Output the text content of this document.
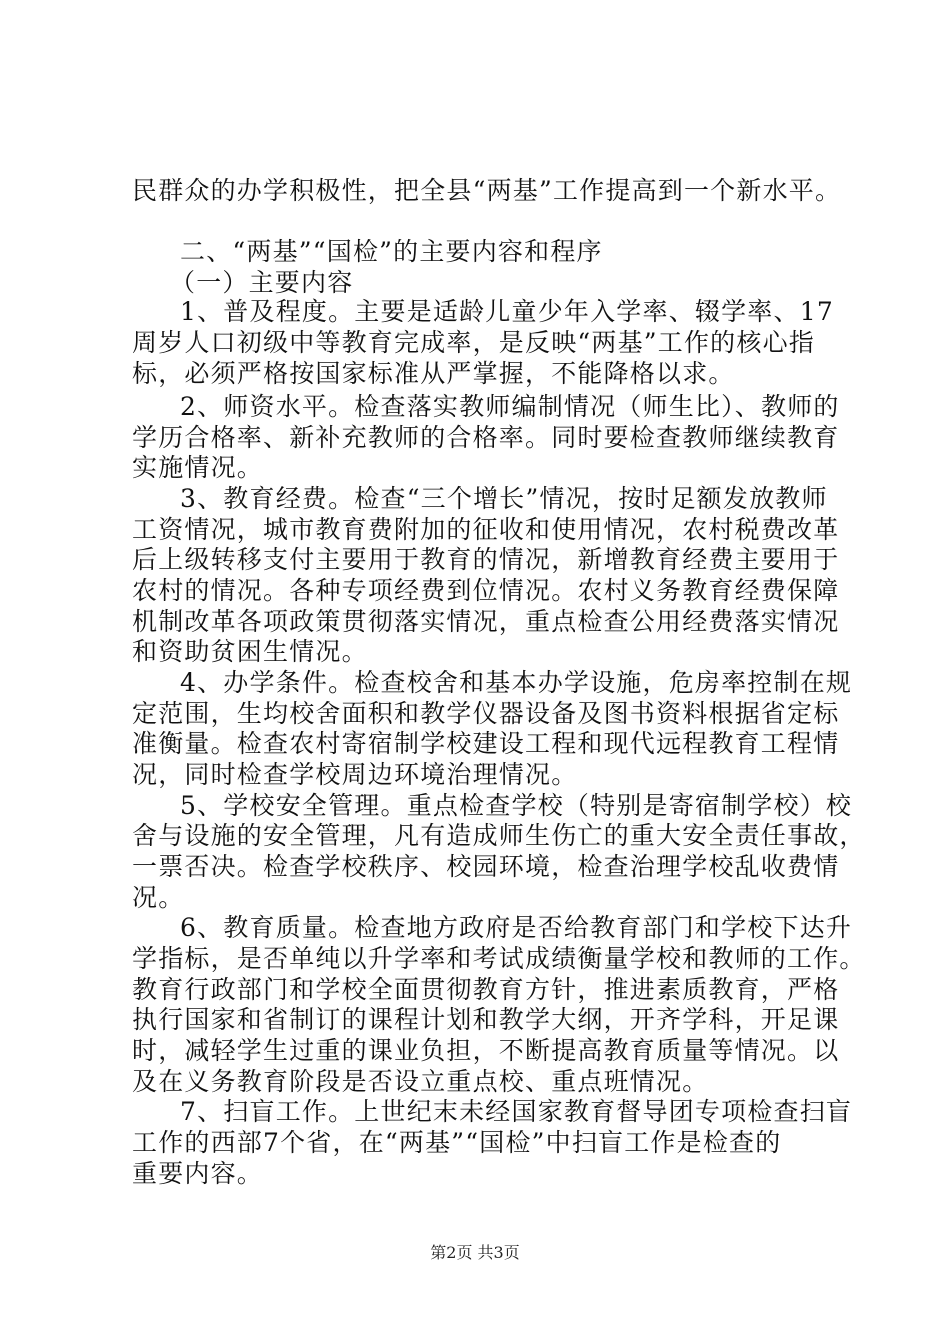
民群众的办学积极性，把全县“两基”工作提高到一个新水平。
二、“两基”“国检”的主要内容和程序
（一）主要内容
1、普及程度。主要是适龄儿童少年入学率、辍学率、17
周岁人口初级中等教育完成率，是反映“两基”工作的核心指
标，必须严格按国家标准从严掌握，不能降格以求。
2、师资水平。检查落实教师编制情况（师生比）、教师的
学历合格率、新补充教师的合格率。同时要检查教师继续教育
实施情况。
3、教育经费。检查“三个增长”情况，按时足额发放教师
工资情况，城市教育费附加的征收和使用情况，农村税费改革
后上级转移支付主要用于教育的情况，新增教育经费主要用于
农村的情况。各种专项经费到位情况。农村义务教育经费保障
机制改革各项政策贯彻落实情况，重点检查公用经费落实情况
和资助贫困生情况。
4、办学条件。检查校舍和基本办学设施，危房率控制在规
定范围，生均校舍面积和教学仪器设备及图书资料根据省定标
准衡量。检查农村寄宿制学校建设工程和现代远程教育工程情
况，同时检查学校周边环境治理情况。
5、学校安全管理。重点检查学校（特别是寄宿制学校）校
舍与设施的安全管理，凡有造成师生伤亡的重大安全责任事故，
一票否决。检查学校秩序、校园环境，检查治理学校乱收费情
况。
6、教育质量。检查地方政府是否给教育部门和学校下达升
学指标，是否单纯以升学率和考试成绩衡量学校和教师的工作。
教育行政部门和学校全面贯彻教育方针，推进素质教育，严格
执行国家和省制订的课程计划和教学大纲，开齐学科，开足课
时，减轻学生过重的课业负担，不断提高教育质量等情况。以
及在义务教育阶段是否设立重点校、重点班情况。
7、扫盲工作。上世纪末未经国家教育督导团专项检查扫盲
工作的西部7个省，在“两基”“国检”中扫盲工作是检查的
重要内容。
第2页 共3页
